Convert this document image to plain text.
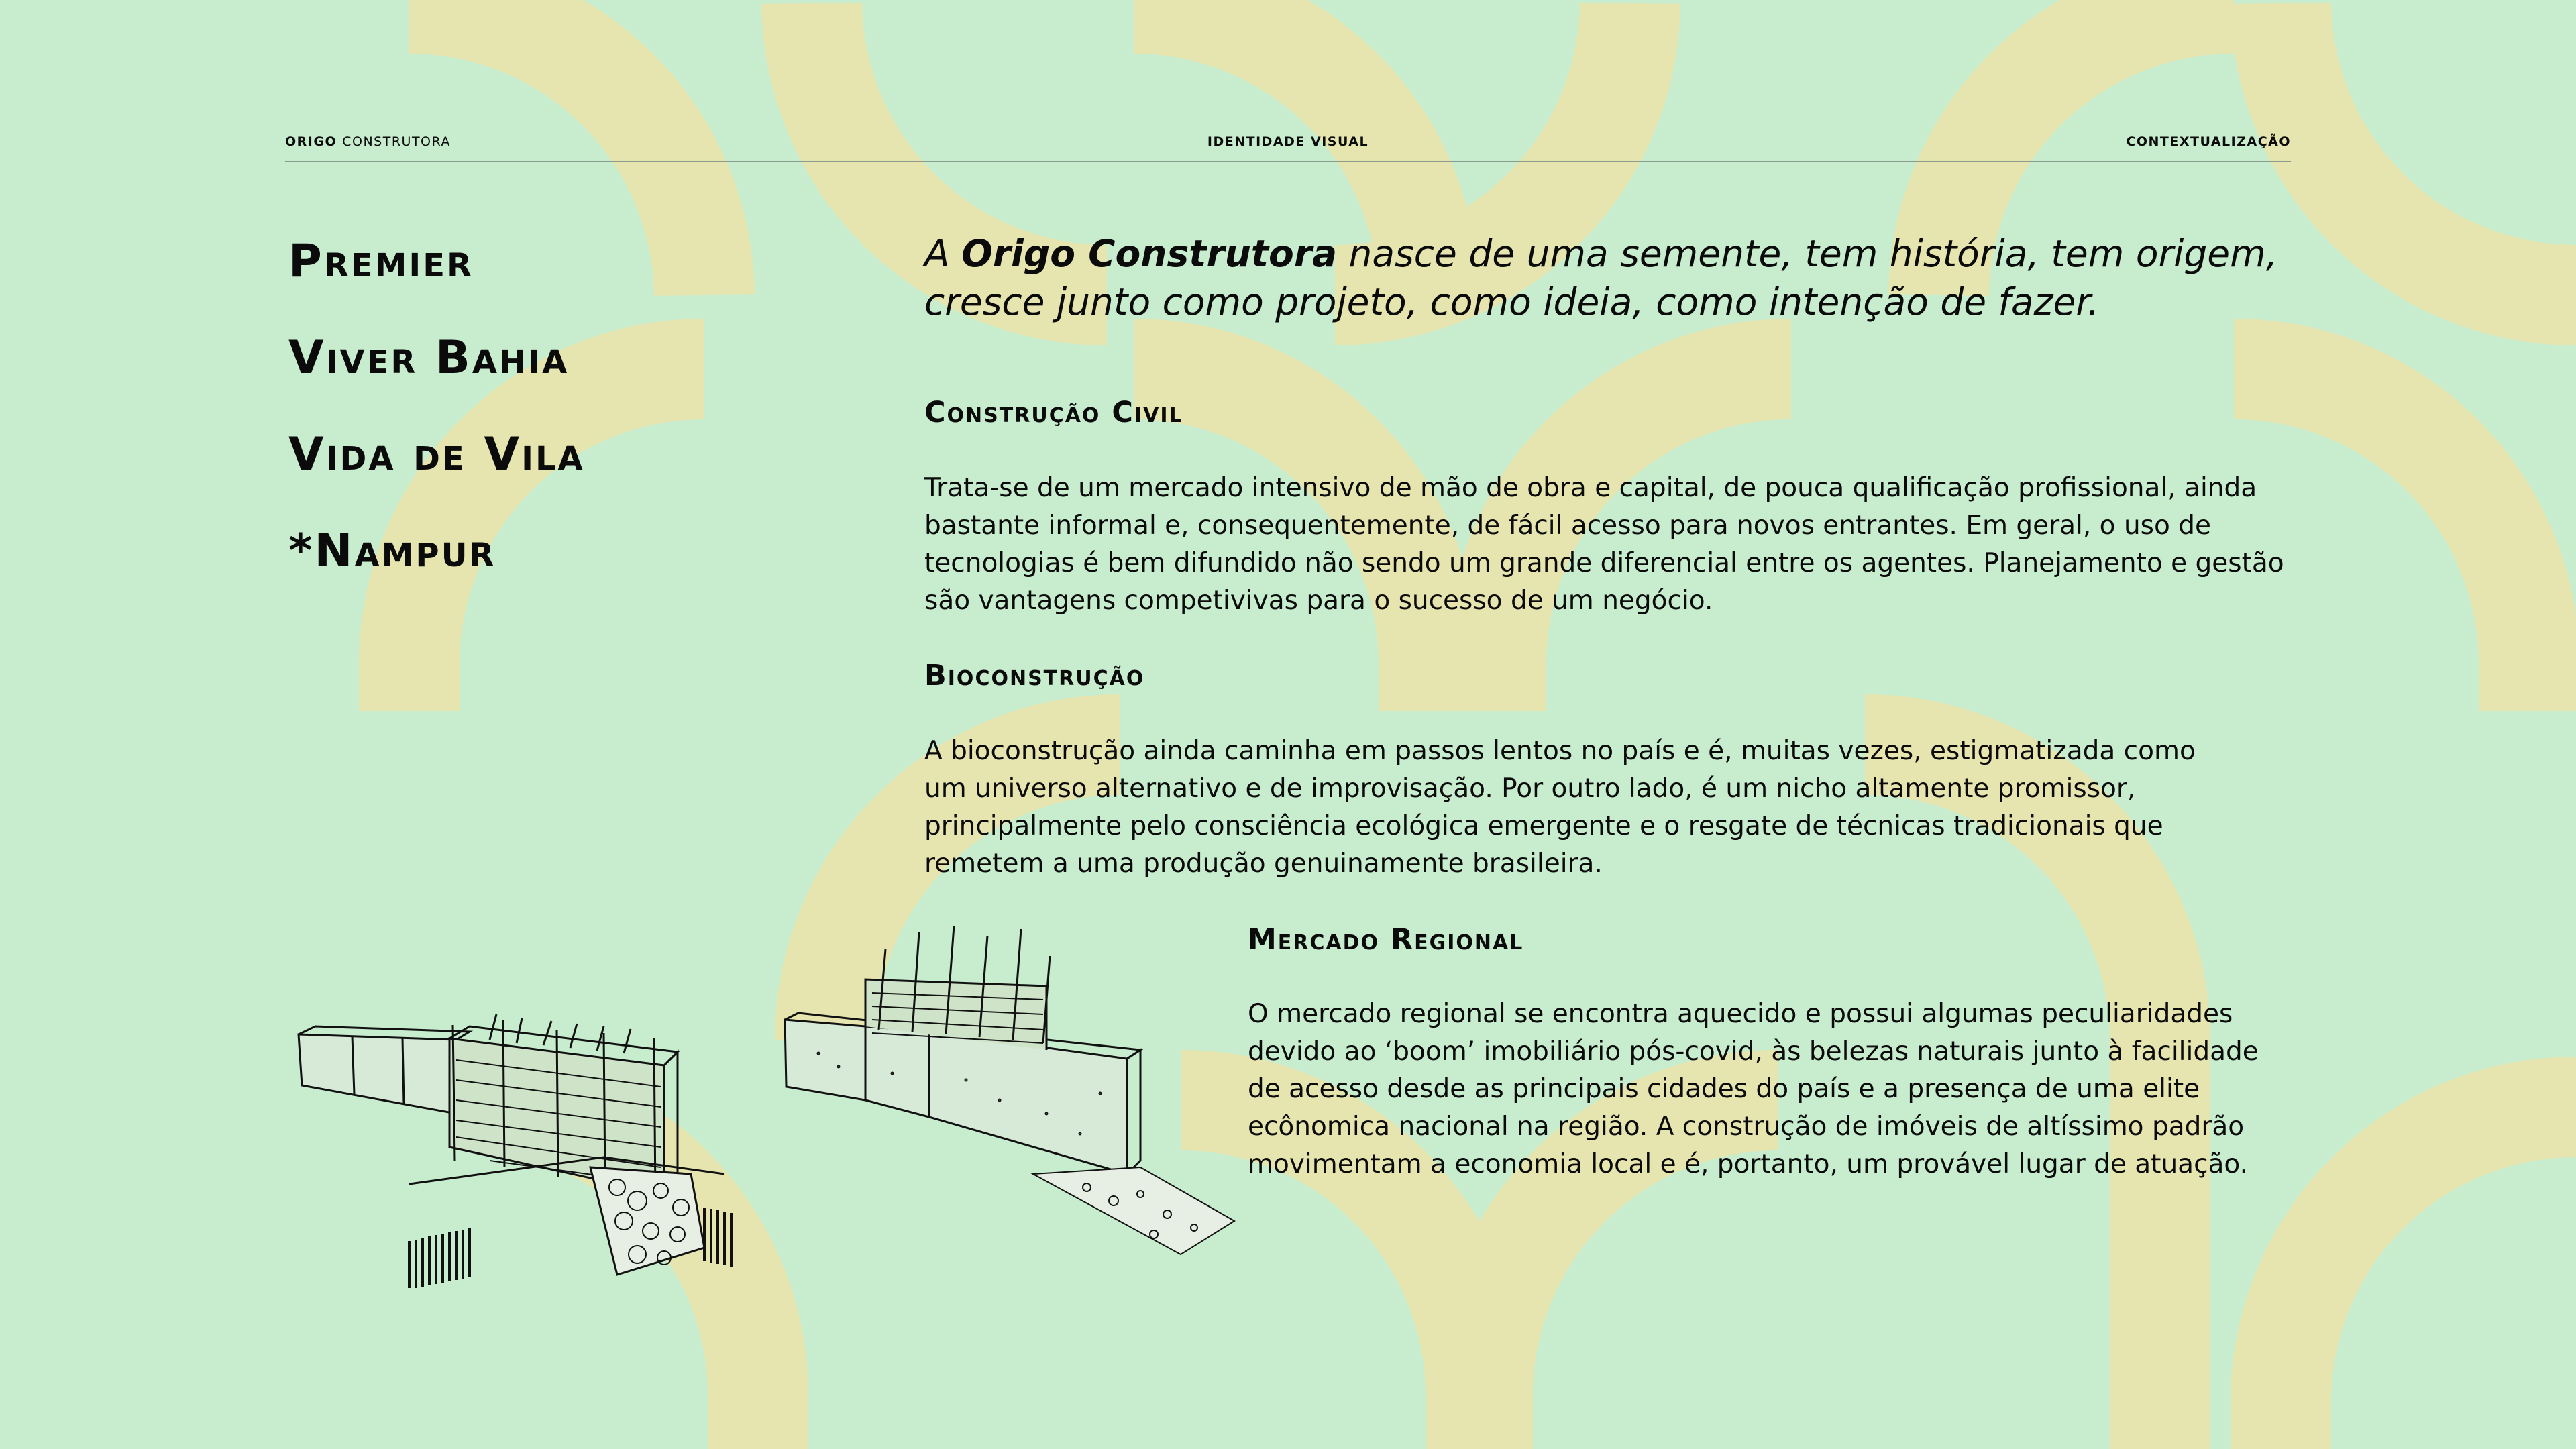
ORIGO CONSTRUTORA	IDENTIDADE VISUAL	CONTEXTUALIZAÇÃO
Premier
Viver Bahia
Vida de Vila
*Nampur
A Origo Construtora nasce de uma semente, tem história, tem origem, cresce junto como projeto, como ideia, como intenção de fazer.
Construção Civil
Trata-se de um mercado intensivo de mão de obra e capital, de pouca qualificação profissional, ainda bastante informal e, consequentemente, de fácil acesso para novos entrantes. Em geral, o uso de tecnologias é bem difundido não sendo um grande diferencial entre os agentes. Planejamento e gestão são vantagens competivivas para o sucesso de um negócio.
Bioconstrução
A bioconstrução ainda caminha em passos lentos no país e é, muitas vezes, estigmatizada como um universo alternativo e de improvisação. Por outro lado, é um nicho altamente promissor, principalmente pelo consciência ecológica emergente e o resgate de técnicas tradicionais que remetem a uma produção genuinamente brasileira.
Mercado Regional
O mercado regional se encontra aquecido e possui algumas peculiaridades devido ao ‘boom’ imobiliário pós-covid, às belezas naturais junto à facilidade de acesso desde as principais cidades do país e a presença de uma elite ecônomica nacional na região. A construção de imóveis de altíssimo padrão movimentam a economia local e é, portanto, um provável lugar de atuação.
